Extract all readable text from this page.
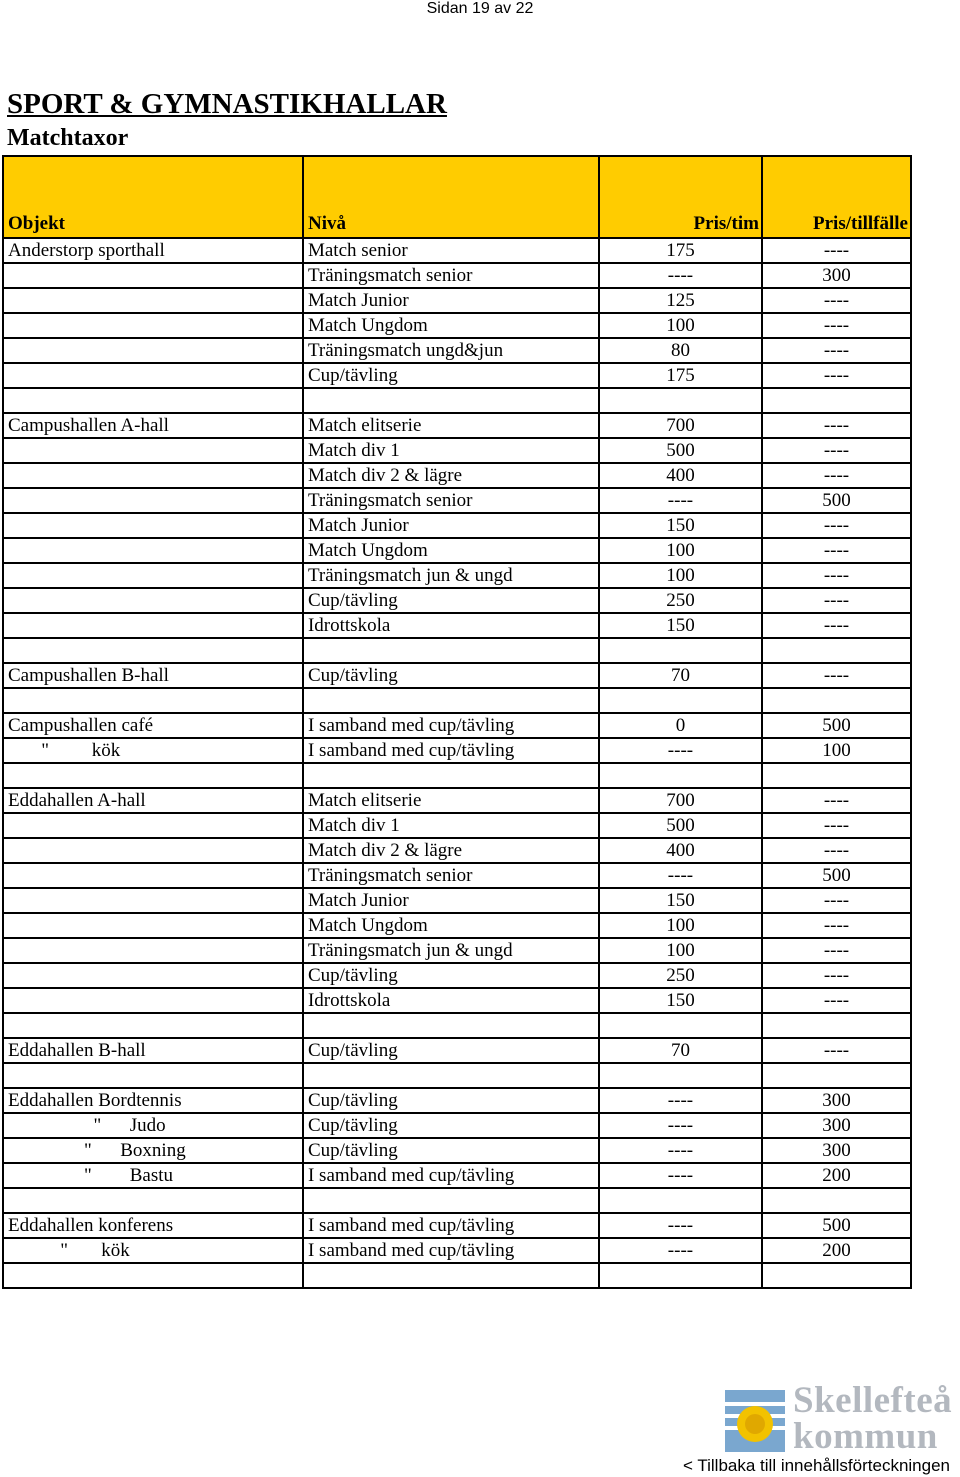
Sidan 19 av 22
SPORT & GYMNASTIKHALLAR
Matchtaxor
Objekt	Nivå	Pris/tim	Pris/tillfälle
Anderstorp sporthall	Match senior	175	----
	Träningsmatch senior	----	300
	Match Junior	125	----
	Match Ungdom	100	----
	Träningsmatch ungd&jun	80	----
	Cup/tävling	175	----

Campushallen A-hall	Match elitserie	700	----
	Match div 1	500	----
	Match div 2 & lägre	400	----
	Träningsmatch senior	----	500
	Match Junior	150	----
	Match Ungdom	100	----
	Träningsmatch jun & ungd	100	----
	Cup/tävling	250	----
	Idrottskola	150	----

Campushallen B-hall	Cup/tävling	70	----

Campushallen café	I samband med cup/tävling	0	500
"         kök	I samband med cup/tävling	----	100

Eddahallen A-hall	Match elitserie	700	----
	Match div 1	500	----
	Match div 2 & lägre	400	----
	Träningsmatch senior	----	500
	Match Junior	150	----
	Match Ungdom	100	----
	Träningsmatch jun & ungd	100	----
	Cup/tävling	250	----
	Idrottskola	150	----

Eddahallen B-hall	Cup/tävling	70	----

Eddahallen Bordtennis	Cup/tävling	----	300
"      Judo	Cup/tävling	----	300
"      Boxning	Cup/tävling	----	300
"        Bastu	I samband med cup/tävling	----	200

Eddahallen konferens	I samband med cup/tävling	----	500
"       kök	I samband med cup/tävling	----	200

Skellefteå
kommun
< Tillbaka till innehållsförteckningen
